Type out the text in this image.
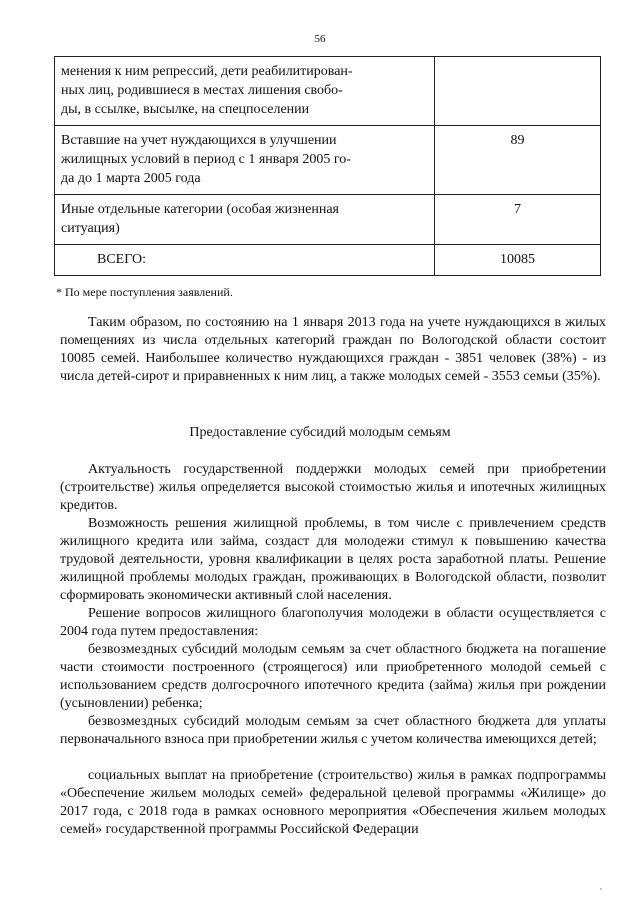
56
менения к ним репрессий, дети реабилитирован-
ных лиц, родившиеся в местах лишения свобо-
ды, в ссылке, высылке, на спецпоселении	

Вставшие на учет нуждающихся в улучшении
жилищных условий в период с 1 января 2005 го-
да до 1 марта 2005 года	89

Иные отдельные категории (особая жизненная
ситуация)	7
ВСЕГО:	10085
* По мере поступления заявлений.

Таким образом, по состоянию на 1 января 2013 года на учете нуждающихся в жилых помещениях из числа отдельных категорий граждан по Вологодской области состоит 10085 семей. Наибольшее количество нуждающихся граждан - 3851 человек (38%) - из числа детей-сирот и приравненных к ним лиц, а также молодых семей - 3553 семьи (35%).

Предоставление субсидий молодым семьям

Актуальность государственной поддержки молодых семей при приобретении (строительстве) жилья определяется высокой стоимостью жилья и ипотечных жилищных кредитов.

Возможность решения жилищной проблемы, в том числе с привлечением средств жилищного кредита или займа, создаст для молодежи стимул к повышению качества трудовой деятельности, уровня квалификации в целях роста заработной платы. Решение жилищной проблемы молодых граждан, проживающих в Вологодской области, позволит сформировать экономически активный слой населения.

Решение вопросов жилищного благополучия молодежи в области осуществляется с 2004 года путем предоставления:

безвозмездных субсидий молодым семьям за счет областного бюджета на погашение части стоимости построенного (строящегося) или приобретенного молодой семьей с использованием средств долгосрочного ипотечного кредита (займа) жилья при рождении (усыновлении) ребенка;

безвозмездных субсидий молодым семьям за счет областного бюджета для уплаты первоначального взноса при приобретении жилья с учетом количества имеющихся детей;

социальных выплат на приобретение (строительство) жилья в рамках подпрограммы «Обеспечение жильем молодых семей» федеральной целевой программы «Жилище» до 2017 года, с 2018 года в рамках основного мероприятия «Обеспечения жильем молодых семей» государственной программы Российской Федерации

'
